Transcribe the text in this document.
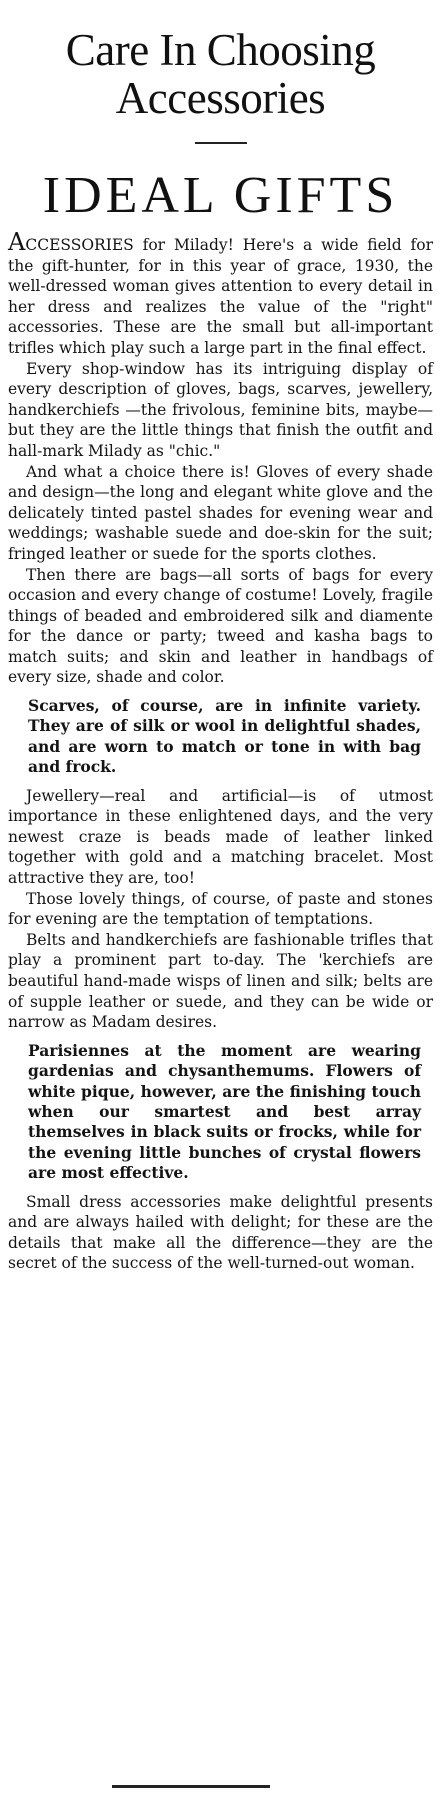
Care In Choosing Accessories
IDEAL GIFTS

ACCESSORIES for Milady! Here's a wide field for the gift-hunter, for in this year of grace, 1930, the well-dressed woman gives attention to every detail in her dress and realizes the value of the "right" accessories. These are the small but all-important trifles which play such a large part in the final effect.

Every shop-window has its intriguing display of every description of gloves, bags, scarves, jewellery, handkerchiefs —the frivolous, feminine bits, maybe—but they are the little things that finish the outfit and hall-mark Milady as "chic."

And what a choice there is! Gloves of every shade and design—the long and elegant white glove and the delicately tinted pastel shades for evening wear and weddings; washable suede and doe-skin for the suit; fringed leather or suede for the sports clothes.

Then there are bags—all sorts of bags for every occasion and every change of costume! Lovely, fragile things of beaded and embroidered silk and diamente for the dance or party; tweed and kasha bags to match suits; and skin and leather in handbags of every size, shade and color.

Scarves, of course, are in infinite variety. They are of silk or wool in delightful shades, and are worn to match or tone in with bag and frock.

Jewellery—real and artificial—is of utmost importance in these enlightened days, and the very newest craze is beads made of leather linked together with gold and a matching bracelet. Most attractive they are, too!

Those lovely things, of course, of paste and stones for evening are the temptation of temptations.

Belts and handkerchiefs are fashionable trifles that play a prominent part to-day. The 'kerchiefs are beautiful hand-made wisps of linen and silk; belts are of supple leather or suede, and they can be wide or narrow as Madam desires.

Parisiennes at the moment are wearing gardenias and chysanthemums. Flowers of white pique, however, are the finishing touch when our smartest and best array themselves in black suits or frocks, while for the evening little bunches of crystal flowers are most effective.

Small dress accessories make delightful presents and are always hailed with delight; for these are the details that make all the difference—they are the secret of the success of the well-turned-out woman.
